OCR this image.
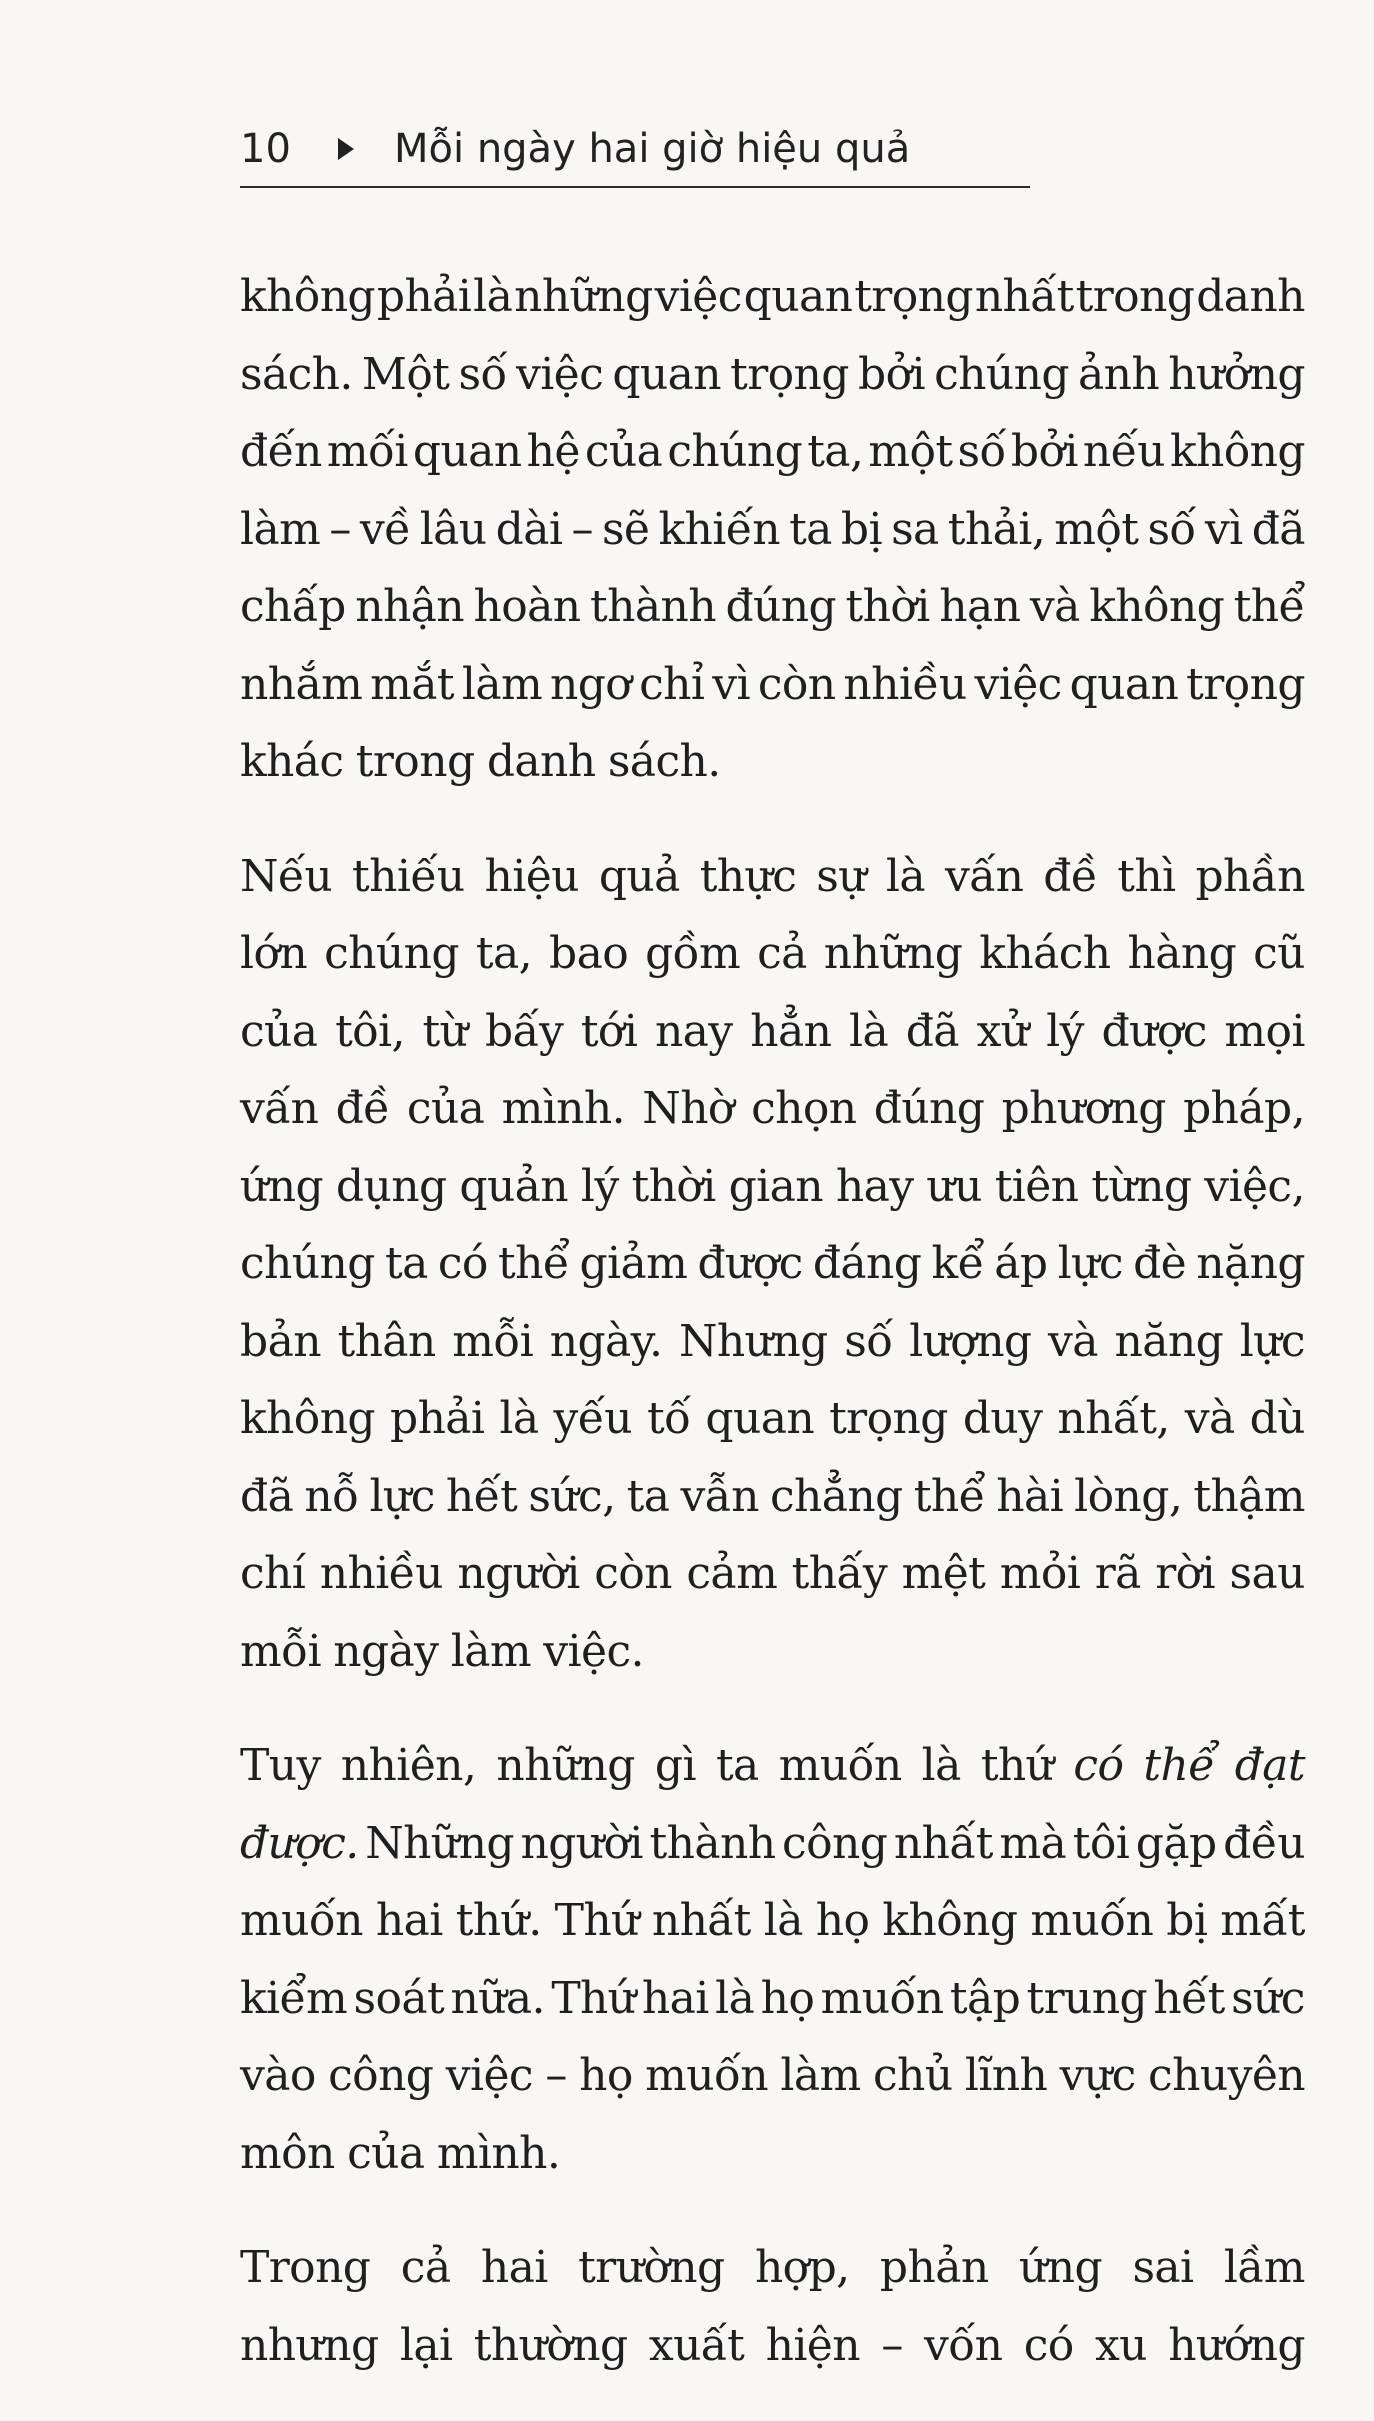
10	Mỗi ngày hai giờ hiệu quả
không phải là những việc quan trọng nhất trong danh
sách. Một số việc quan trọng bởi chúng ảnh hưởng
đến mối quan hệ của chúng ta, một số bởi nếu không
làm – về lâu dài – sẽ khiến ta bị sa thải, một số vì đã
chấp nhận hoàn thành đúng thời hạn và không thể
nhắm mắt làm ngơ chỉ vì còn nhiều việc quan trọng
khác trong danh sách.
Nếu thiếu hiệu quả thực sự là vấn đề thì phần
lớn chúng ta, bao gồm cả những khách hàng cũ
của tôi, từ bấy tới nay hẳn là đã xử lý được mọi
vấn đề của mình. Nhờ chọn đúng phương pháp,
ứng dụng quản lý thời gian hay ưu tiên từng việc,
chúng ta có thể giảm được đáng kể áp lực đè nặng
bản thân mỗi ngày. Nhưng số lượng và năng lực
không phải là yếu tố quan trọng duy nhất, và dù
đã nỗ lực hết sức, ta vẫn chẳng thể hài lòng, thậm
chí nhiều người còn cảm thấy mệt mỏi rã rời sau
mỗi ngày làm việc.
Tuy nhiên, những gì ta muốn là thứ có thể đạt
được. Những người thành công nhất mà tôi gặp đều
muốn hai thứ. Thứ nhất là họ không muốn bị mất
kiểm soát nữa. Thứ hai là họ muốn tập trung hết sức
vào công việc – họ muốn làm chủ lĩnh vực chuyên
môn của mình.
Trong cả hai trường hợp, phản ứng sai lầm
nhưng lại thường xuất hiện – vốn có xu hướng
